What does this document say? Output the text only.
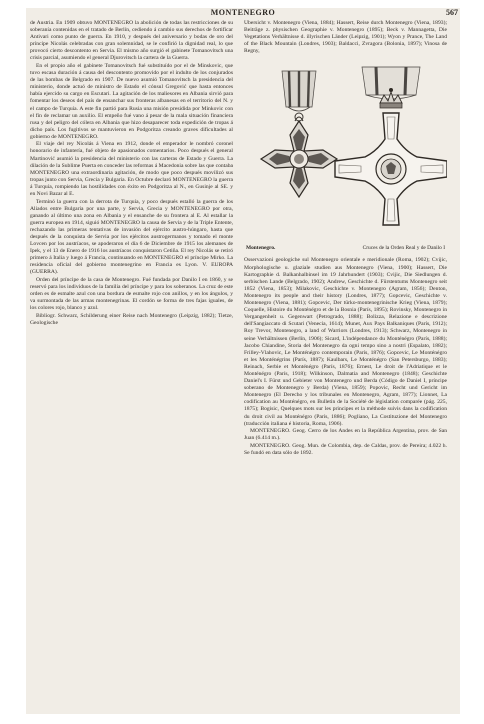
MONTENEGRO	567

de Austria. En 1909 obtuvo MONTENEGRO la abolición de todas las restricciones de su soberanía contenidas en el tratado de Berlín, cediendo á cambio sus derechos de fortificar Antivari como punto de guerra. En 1910, y después del aniversario y bodas de oro del príncipe Nicolás celebradas con gran solemnidad, se le confirió la dignidad real, lo que provocó cierto descontento en Servia. El mismo año surgió el gabinete Tomanovitsch una crisis parcial, asumiendo el general Djurovitsch la cartera de la Guerra.

En el propio año el gabinete Tomanovitsch fué substituído por el de Minskovic, que tuvo escasa duración á causa del descontento promovido por el indulto de los conjurados de las bombas de Belgrado en 1907. De nuevo asumió Tomanovitsch la presidencia del ministerio, donde actuó de ministro de Estado el cónsul Gregović que hasta entonces había ejercido su cargo en Escutari. La agitación de los maliesores en Albania sirvió para fomentar los deseos del país de ensanchar sus fronteras albanesas en el territorio del N. y el campo de Turquía. A este fin partió para Rusia una misión presidida por Minkovic con el fin de reclamar un auxilio. El empeño fué vano á pesar de la mala situación financiera rusa y del peligro del cólera en Albania que hizo desaparecer toda expedición de tropas á dicho país. Los fugitivos se mantuvieron en Podgoritza creando graves dificultades al gobierno de MONTENEGRO.

El viaje del rey Nicolás á Viena en 1912, donde el emperador le nombró coronel honorario de infantería, fué objeto de apasionados comentarios. Poco después el general Martinović asumió la presidencia del ministerio con las carteras de Estado y Guerra. La dilación de la Sublime Puerta en conceder las reformas á Macedonia sobre las que contaba MONTENEGRO una extraordinaria agitación, de modo que poco después movilizó sus tropas junto con Servia, Grecia y Bulgaria. En Octubre declaró MONTENEGRO la guerra á Turquía, rompiendo las hostilidades con éxito en Podgoritza al N., en Gusinje al SE. y en Novi Bazar al E.

Terminó la guerra con la derrota de Turquía, y poco después estalló la guerra de los Aliados entre Bulgaria por una parte, y Servia, Grecia y MONTENEGRO por otra, ganando al último una zona en Albania y el ensanche de su frontera al E. Al estallar la guerra europea en 1914, siguió MONTENEGRO la causa de Servia y de la Triple Entente, rechazando las primeras tentativas de invasión del ejército austro-húngaro, hasta que después de la conquista de Servia por los ejércitos austrogermanos y tomado el monte Lovcen por los austríacos, se apoderaron el día 6 de Diciembre de 1915 los alemanes de Ipek, y el 13 de Enero de 1916 los austríacos conquistaron Cetiña. El rey Nicolás se retiró primero á Italia y luego á Francia, continuando en MONTENEGRO el príncipe Mirko. La residencia oficial del gobierno montenegrino en Francia es Lyon. V. EUROPA (GUERRA).

Orden del príncipe de la casa de Montenegro. Fué fundada por Danilo I en 1860, y se reservó para los individuos de la familia del príncipe y para los soberanos. La cruz de este orden es de esmalte azul con una bordura de esmalte rojo con anillos, y en los ángulos, y va surmontada de las armas montenegrinas. El cordón se forma de tres fajas iguales, de los colores rojo, blanco y azul.

Bibliogr. Schwarz, Schilderung einer Reise nach Montenegro (Leipzig, 1882); Tietze, Geologische

Übersicht v. Montenegro (Viena, 1884); Hassert, Reise durch Montenegro (Viena, 1893); Beiträge z. physischen Geographie v. Montenegro (1895); Beck v. Mannagetta, Die Vegetations Verhältnisse d. illyrischen Länder (Leipzig, 1901); Wyon y Prance, The Land of the Black Mountain (Londres, 1903); Baldacci, Zvragora (Bolonia, 1897); Vinosa de Regny,

Montenegro.	Cruces de la Orden Real y de Danilo I

Osservazioni geologiche sul Montenegro orientale e meridionale (Roma, 1902); Cvijic, Morphologische u. glaziale studien aus Montenegro (Viena, 1900); Hassert, Die Kartographie d. Balkanhalbinsel im 19 Jahrhundert (1903); Cvijic, Die Siedlungen d. serbischen Lande (Belgrado, 1902); Andrew, Geschichte d. Fürstentums Montenegro seit 1852 (Viena, 1853); Milakovic, Geschichte v. Montenegro (Agram, 1856); Denton, Montenegro its people and their history (Londres, 1877); Gopcevic, Geschichte v. Montenegro (Viena, 1881); Gopcevic, Der türko-montenegrinische Krieg (Viena, 1879); Coquelle, Histoire du Monténégro et de la Bosnia (París, 1895); Rovinsky, Montenegro in Vergangenheit u. Gegenwart (Petrogrado, 1888); Bolizza, Relazione e descrizione dell'Sangiaccato di Scutari (Venecia, 1614); Munet, Aux Pays Balkaniques (París, 1912); Roy Trevor, Montenegro, a land of Warriors (Londres, 1913); Schwarz, Montenegro in seine Verhältnissen (Berlín, 1906); Sicard, L'indépendance du Monténégro (París, 1888); Jacobo Chiandine, Storia del Montenegro da ogni tempo sino a nostri (Espalato, 1882); Frilley-Vlahovic, Le Monténégro contemporain (París, 1876); Gopcevic, Le Monténégro et les Monténégrins (París, 1887); Kaulbars, Le Monténégro (San Petersburgo, 1883); Reinach, Serbie et Monténégro (París, 1876); Ernest, Le droit de l'Adriatique et le Monténégro (París, 1918); Wilkinson, Dalmatia and Montenegro (1848); Geschichte Daniel's I. Fürst und Gebieter von Montenegro und Berda (Código de Daniel I, príncipe soberano de Montenegro y Berda) (Viena, 1859); Popovic, Recht und Gericht im Montenegro (El Derecho y los tribunales en Montenegro, Agram, 1877); Lionnet, La codification au Monténégro, en Bulletin de la Société de législation comparée (pág. 225, 1875); Bogisic, Quelques mots sur les principes et la méthode suivis dans la codification du droit civil au Monténégro (París, 1886); Pogliano, La Costituzione del Montenegro (traducción italiana é historia, Roma, 1906).

MONTENEGRO. Geog. Cerro de los Andes en la República Argentina, prov. de San Juan (6.414 m.).

MONTENEGRO. Geog. Mun. de Colombia, dep. de Caldas, prov. de Pereira; 4.022 h. Se fundó en data sólo de 1892.
